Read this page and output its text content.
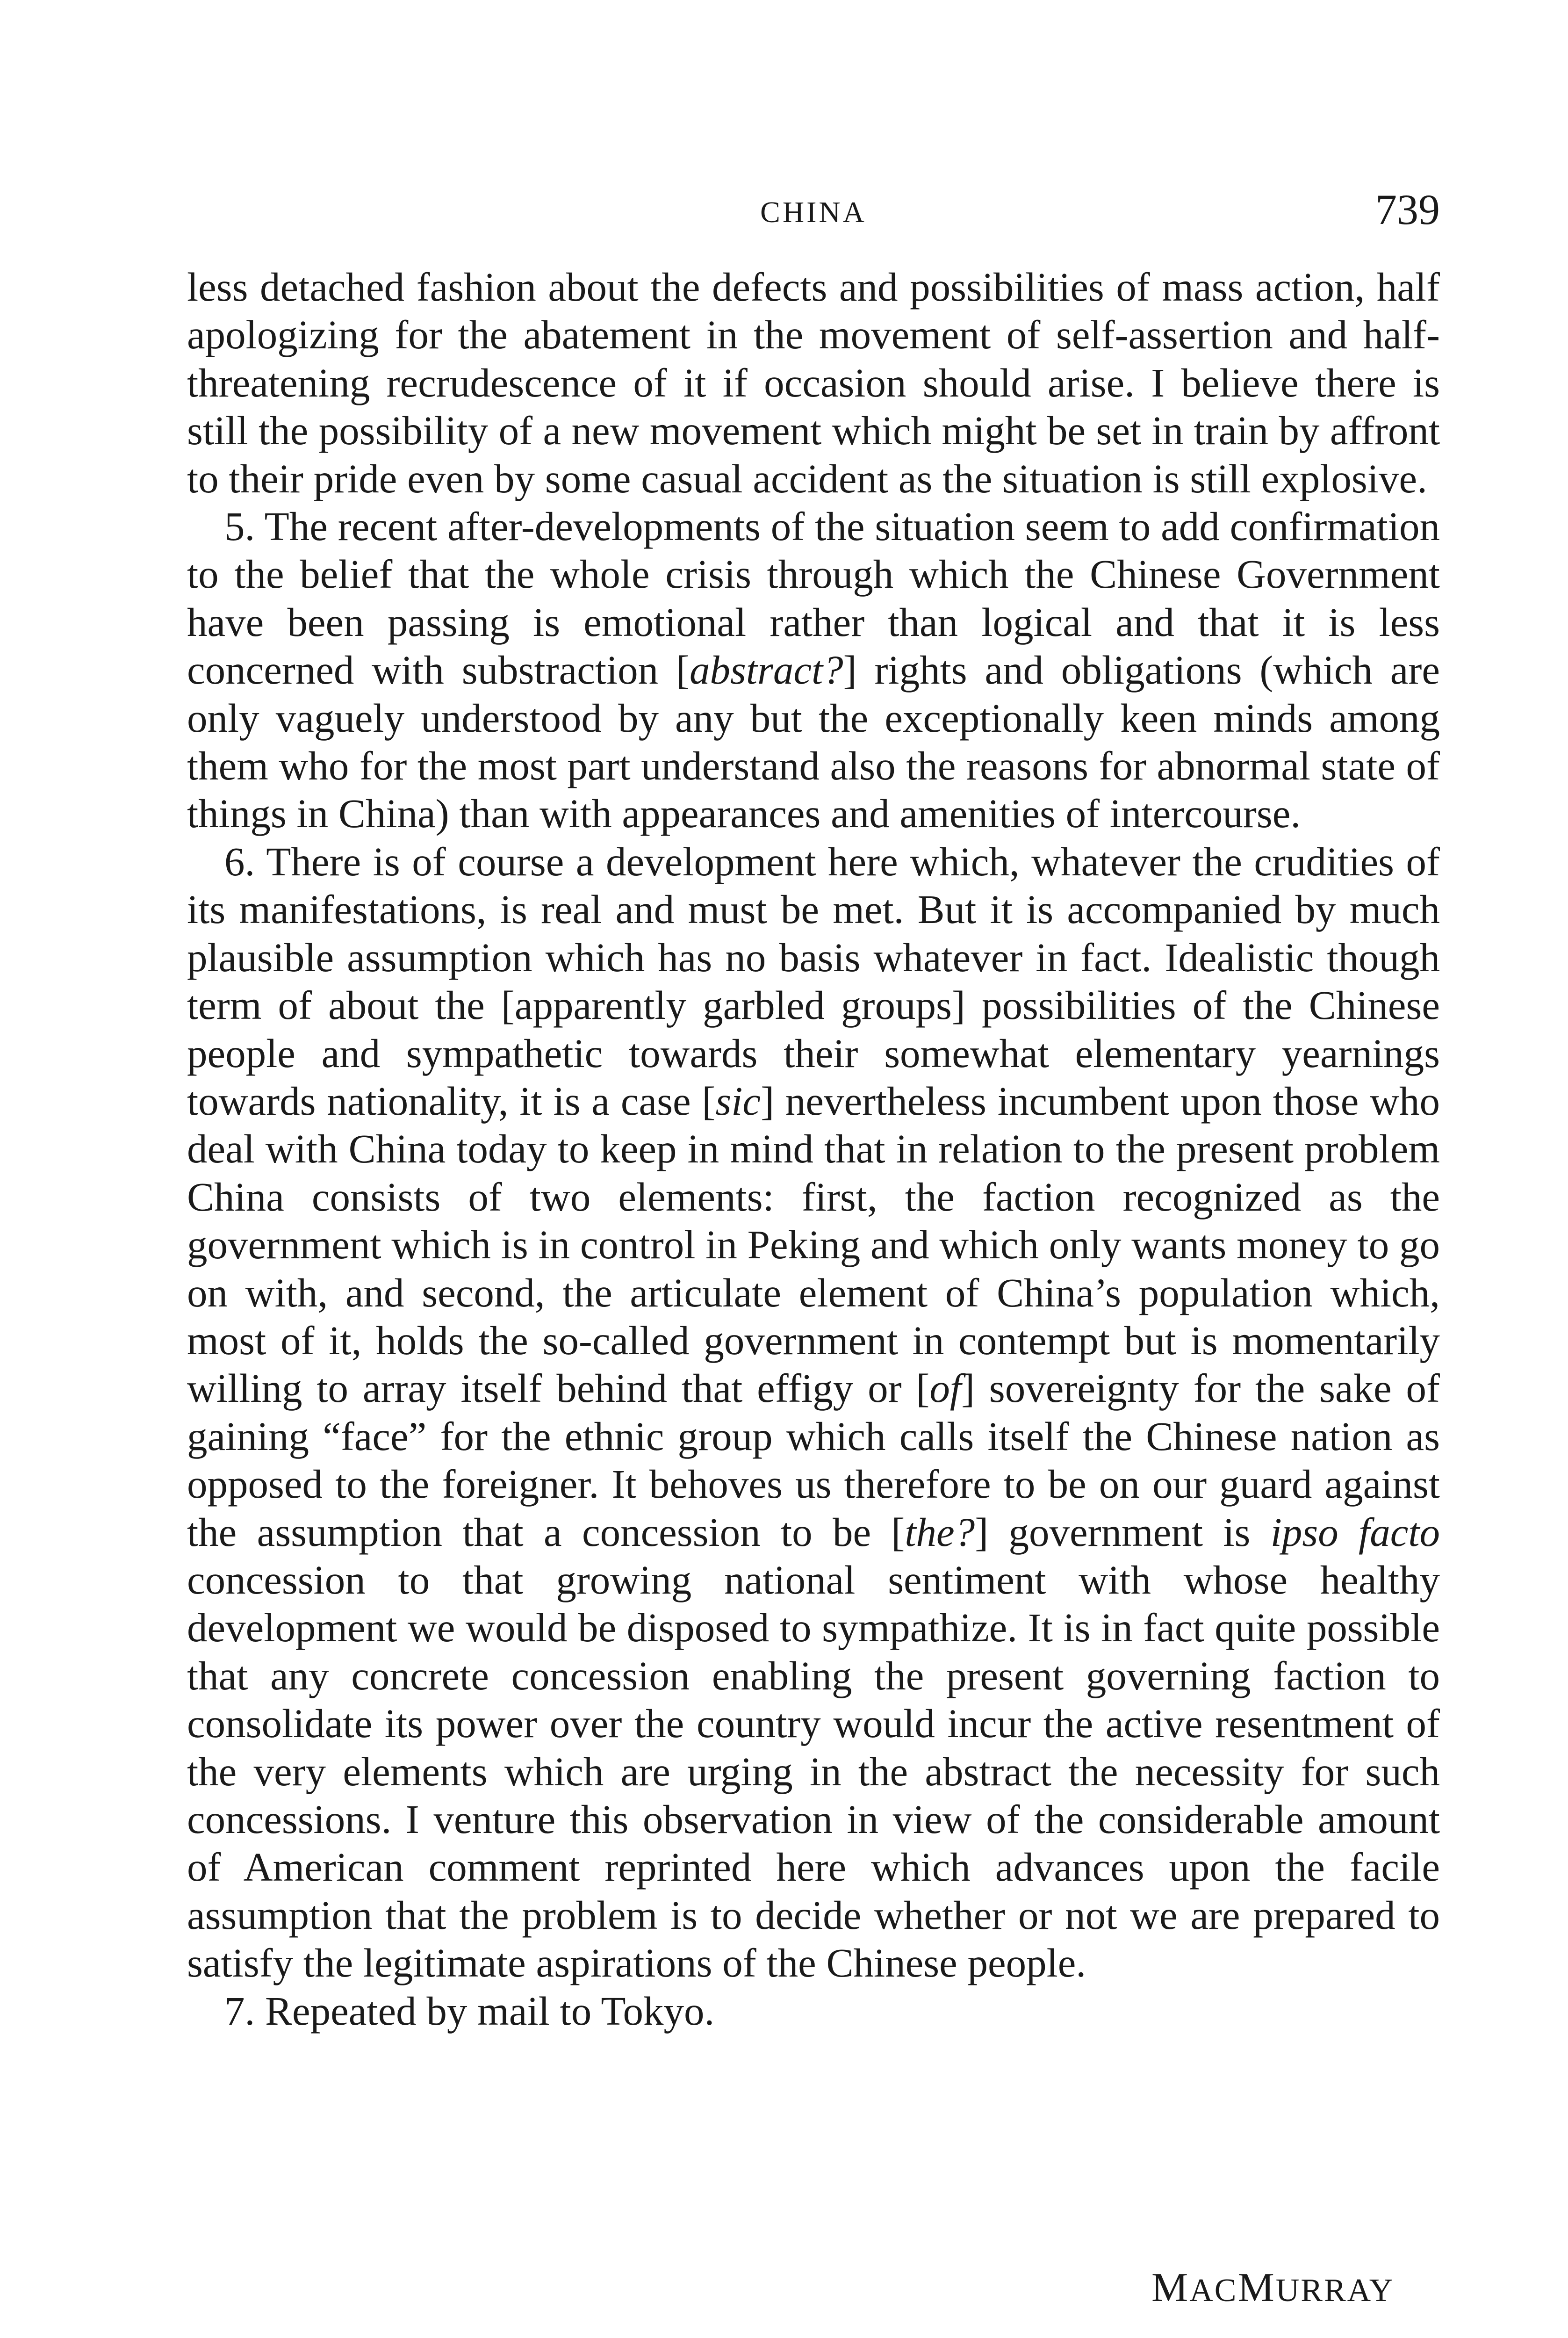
CHINA	739

less detached fashion about the defects and possibilities of mass action, half apologizing for the abatement in the movement of self-assertion and half-threatening recrudescence of it if occasion should arise. I believe there is still the possibility of a new movement which might be set in train by affront to their pride even by some casual accident as the situation is still explosive.

5. The recent after-developments of the situation seem to add confirmation to the belief that the whole crisis through which the Chinese Government have been passing is emotional rather than logical and that it is less concerned with substraction [abstract?] rights and obligations (which are only vaguely understood by any but the exceptionally keen minds among them who for the most part understand also the reasons for abnormal state of things in China) than with appearances and amenities of intercourse.

6. There is of course a development here which, whatever the crudities of its manifestations, is real and must be met. But it is accompanied by much plausible assumption which has no basis whatever in fact. Idealistic though term of about the [apparently garbled groups] possibilities of the Chinese people and sympathetic towards their somewhat elementary yearnings towards nationality, it is a case [sic] nevertheless incumbent upon those who deal with China today to keep in mind that in relation to the present problem China consists of two elements: first, the faction recognized as the government which is in control in Peking and which only wants money to go on with, and second, the articulate element of China’s population which, most of it, holds the so-called government in contempt but is momentarily willing to array itself behind that effigy or [of] sovereignty for the sake of gaining “face” for the ethnic group which calls itself the Chinese nation as opposed to the foreigner. It behoves us therefore to be on our guard against the assumption that a concession to be [the?] government is ipso facto concession to that growing national sentiment with whose healthy development we would be disposed to sympathize. It is in fact quite possible that any concrete concession enabling the present governing faction to consolidate its power over the country would incur the active resentment of the very elements which are urging in the abstract the necessity for such concessions. I venture this observation in view of the considerable amount of American comment reprinted here which advances upon the facile assumption that the problem is to decide whether or not we are prepared to satisfy the legitimate aspirations of the Chinese people.

7. Repeated by mail to Tokyo.

MACMURRAY
